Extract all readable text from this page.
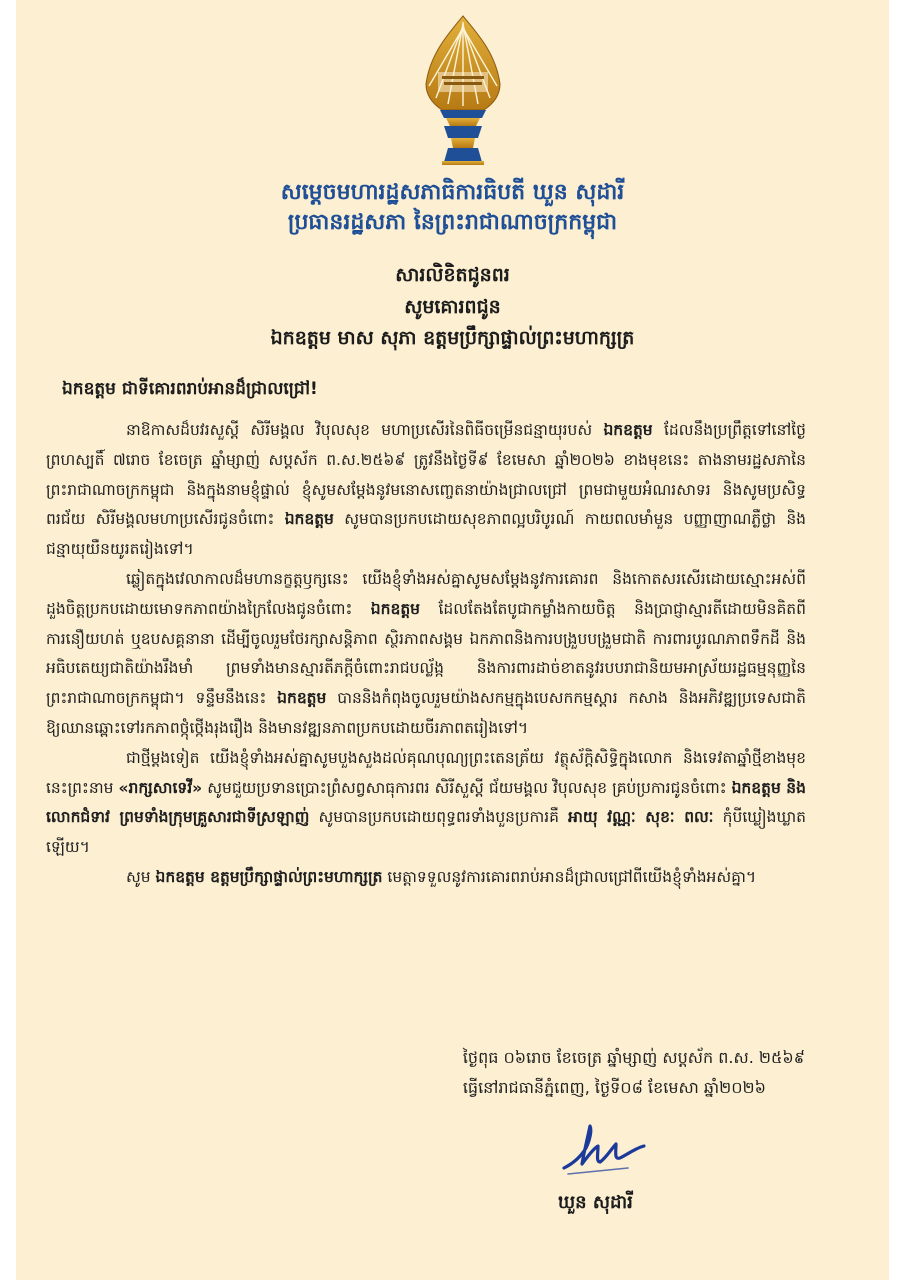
សម្ដេចមហារដ្ឋសភាធិការធិបតី ឃួន សុដារី
ប្រធានរដ្ឋសភា នៃព្រះរាជាណាចក្រកម្ពុជា
សារលិខិតជូនពរ
សូមគោរពជូន
ឯកឧត្តម មាស សុភា ឧត្តមប្រឹក្សាផ្ទាល់ព្រះមហាក្សត្រ
ឯកឧត្តម ជាទីគោរពរាប់អានដ៏ជ្រាលជ្រៅ!

នាឱកាសដ៏បវរសួស្ដី សិរីមង្គល វិបុលសុខ មហាប្រសើរនៃពិធីចម្រើនជន្មាយុរបស់ ឯកឧត្តម ដែលនឹងប្រព្រឹត្តទៅនៅថ្ងៃព្រហស្បតិ៍ ៧រោច ខែចេត្រ ឆ្នាំម្សាញ់ សប្តស័ក ព.ស.២៥៦៩ ត្រូវនឹងថ្ងៃទី៩ ខែមេសា ឆ្នាំ២០២៦ ខាងមុខនេះ តាងនាមរដ្ឋសភានៃព្រះរាជាណាចក្រកម្ពុជា និងក្នុងនាមខ្ញុំផ្ទាល់ ខ្ញុំសូមសម្ដែងនូវមនោសញ្ចេតនាយ៉ាងជ្រាលជ្រៅ ព្រមជាមួយអំណរសាទរ និងសូមប្រសិទ្ធពរជ័យ សិរីមង្គលមហាប្រសើរជូនចំពោះ ឯកឧត្តម សូមបានប្រកបដោយសុខភាពល្អបរិបូរណ៍ កាយពលមាំមួន បញ្ញាញាណភ្លឺថ្លា និងជន្មាយុយឺនយូរតរៀងទៅ។

ឆ្លៀតក្នុងវេលាកាលដ៏មហានក្ខត្តឫក្សនេះ យើងខ្ញុំទាំងអស់គ្នាសូមសម្ដែងនូវការគោរព និងកោតសរសើរដោយស្មោះអស់ពីដួងចិត្តប្រកបដោយមោទកភាពយ៉ាងក្រៃលែងជូនចំពោះ ឯកឧត្តម ដែលតែងតែបូជាកម្លាំងកាយចិត្ត និងប្រាជ្ញាស្មារតីដោយមិនគិតពីការនឿយហត់ ឬឧបសគ្គនានា ដើម្បីចូលរួមថែរក្សាសន្តិភាព ស្ថិរភាពសង្គម ឯកភាពនិងការបង្រួបបង្រួមជាតិ ការពារបូរណភាពទឹកដី និងអធិបតេយ្យជាតិយ៉ាងរឹងមាំ ព្រមទាំងមានស្មារតីភក្ដីចំពោះរាជបល្ល័ង្ក និងការពារដាច់ខាតនូវរបបរាជានិយមអាស្រ័យរដ្ឋធម្មនុញ្ញនៃព្រះរាជាណាចក្រកម្ពុជា។ ទន្ទឹមនឹងនេះ ឯកឧត្តម បាននិងកំពុងចូលរួមយ៉ាងសកម្មក្នុងបេសកកម្មស្ដារ កសាង និងអភិវឌ្ឍប្រទេសជាតិ ឱ្យឈានឆ្ពោះទៅរកភាពថ្កុំថ្កើងរុងរឿង និងមានវឌ្ឍនភាពប្រកបដោយចីរភាពតរៀងទៅ។

ជាថ្មីម្ដងទៀត យើងខ្ញុំទាំងអស់គ្នាសូមបួងសួងដល់គុណបុណ្យព្រះតេនត្រ័យ វត្ថុស័ក្តិសិទ្ធិក្នុងលោក និងទេវតាឆ្នាំថ្មីខាងមុខនេះព្រះនាម «រាក្សសាទេវី» សូមជួយប្រទានប្រោះព្រំសព្វសាធុការពរ សិរីសួស្ដី ជ័យមង្គល វិបុលសុខ គ្រប់ប្រការជូនចំពោះ ឯកឧត្តម និង លោកជំទាវ ព្រមទាំងក្រុមគ្រួសារជាទីស្រឡាញ់ សូមបានប្រកបដោយពុទ្ធពរទាំងបួនប្រការគឺ អាយុ វណ្ណៈ សុខៈ ពលៈ កុំបីឃ្លៀងឃ្លាតឡើយ។

សូម ឯកឧត្តម ឧត្តមប្រឹក្សាផ្ទាល់ព្រះមហាក្សត្រ មេត្តាទទួលនូវការគោរពរាប់អានដ៏ជ្រាលជ្រៅពីយើងខ្ញុំទាំងអស់គ្នា។

ថ្ងៃពុធ ០៦រោច ខែចេត្រ ឆ្នាំម្សាញ់ សប្តស័ក ព.ស. ២៥៦៩
ធ្វើនៅរាជធានីភ្នំពេញ, ថ្ងៃទី០៨ ខែមេសា ឆ្នាំ២០២៦
ឃួន សុដារី
